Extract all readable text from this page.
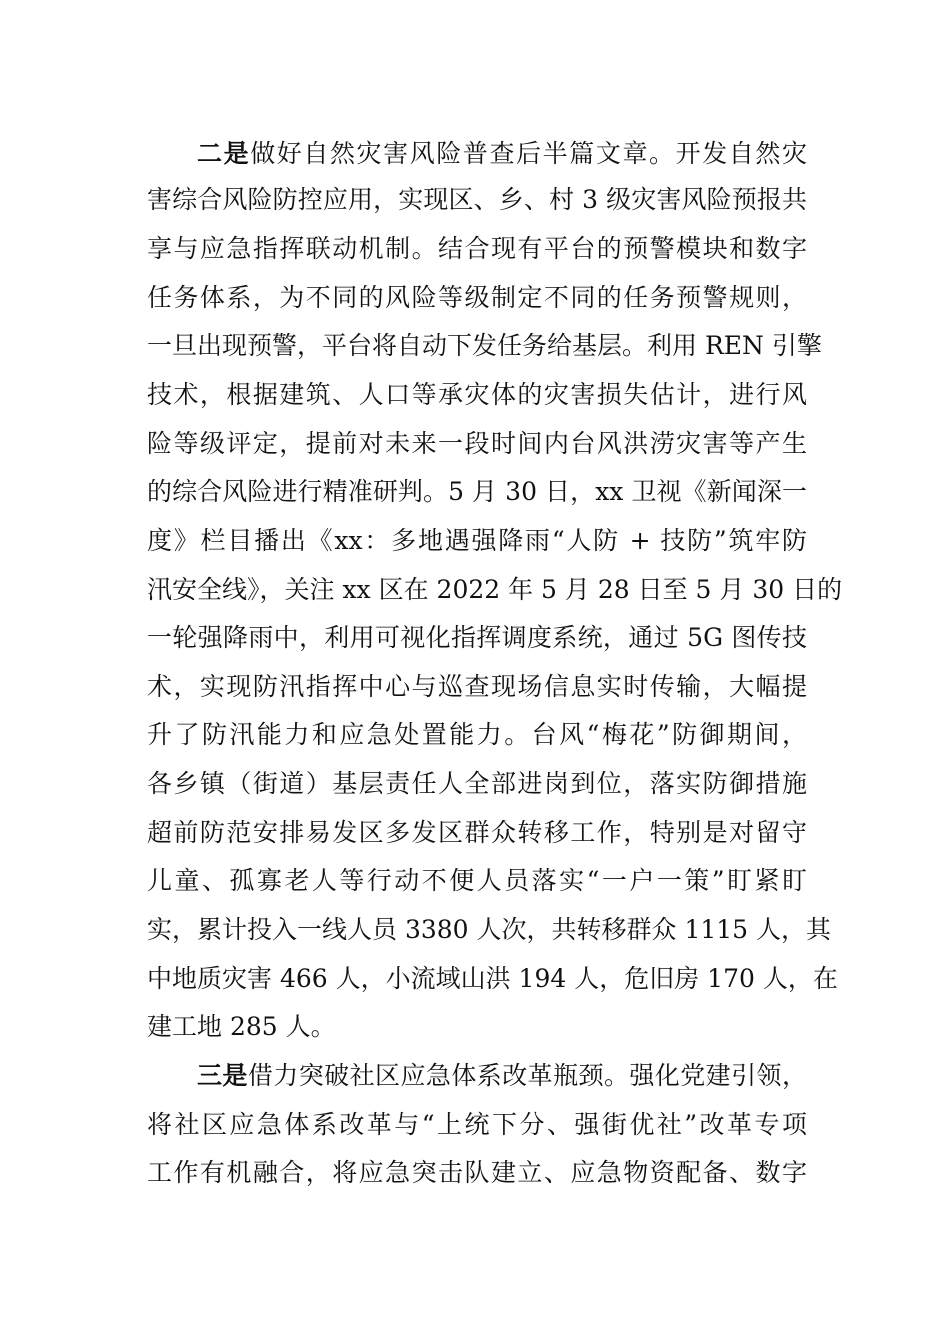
二是做好自然灾害风险普查后半篇文章。开发自然灾
害综合风险防控应用，实现区、乡、村 3 级灾害风险预报共
享与应急指挥联动机制。结合现有平台的预警模块和数字
任务体系，为不同的风险等级制定不同的任务预警规则，
一旦出现预警，平台将自动下发任务给基层。利用 REN 引擎
技术，根据建筑、人口等承灾体的灾害损失估计，进行风
险等级评定，提前对未来一段时间内台风洪涝灾害等产生
的综合风险进行精准研判。5 月 30 日，xx 卫视《新闻深一
度》栏目播出《xx：多地遇强降雨“人防 + 技防”筑牢防
汛安全线》，关注 xx 区在 2022 年 5 月 28 日至 5 月 30 日的
一轮强降雨中，利用可视化指挥调度系统，通过 5G 图传技
术，实现防汛指挥中心与巡查现场信息实时传输，大幅提
升了防汛能力和应急处置能力。台风“梅花”防御期间，
各乡镇（街道）基层责任人全部进岗到位，落实防御措施
超前防范安排易发区多发区群众转移工作，特别是对留守
儿童、孤寡老人等行动不便人员落实“一户一策”盯紧盯
实，累计投入一线人员 3380 人次，共转移群众 1115 人，其
中地质灾害 466 人，小流域山洪 194 人，危旧房 170 人，在
建工地 285 人。
三是借力突破社区应急体系改革瓶颈。强化党建引领，
将社区应急体系改革与“上统下分、强街优社”改革专项
工作有机融合，将应急突击队建立、应急物资配备、数字
